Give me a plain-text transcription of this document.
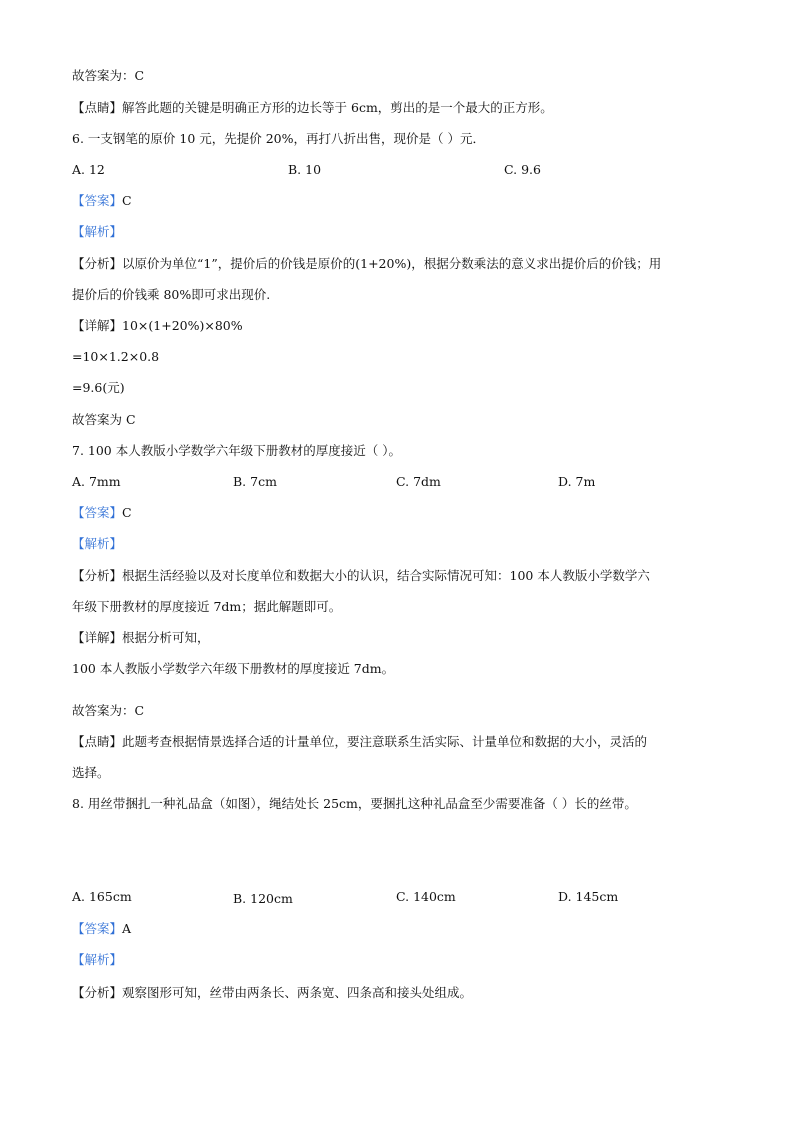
故答案为：C
【点睛】解答此题的关键是明确正方形的边长等于 6cm，剪出的是一个最大的正方形。
6. 一支钢笔的原价 10 元，先提价 20%，再打八折出售，现价是（ ）元．
A. 12	B. 10	C. 9.6
【答案】C
【解析】
【分析】以原价为单位“1”，提价后的价钱是原价的(1+20%)，根据分数乘法的意义求出提价后的价钱；用
提价后的价钱乘 80%即可求出现价.
【详解】10×(1+20%)×80%
=10×1.2×0.8
=9.6(元)
故答案为 C
7. 100 本人教版小学数学六年级下册教材的厚度接近（ ）。
A. 7mm	B. 7cm	C. 7dm	D. 7m
【答案】C
【解析】
【分析】根据生活经验以及对长度单位和数据大小的认识，结合实际情况可知：100 本人教版小学数学六
年级下册教材的厚度接近 7dm；据此解题即可。
【详解】根据分析可知，
100 本人教版小学数学六年级下册教材的厚度接近 7dm。
故答案为：C
【点睛】此题考查根据情景选择合适的计量单位，要注意联系生活实际、计量单位和数据的大小，灵活的
选择。
8. 用丝带捆扎一种礼品盒（如图），绳结处长 25cm，要捆扎这种礼品盒至少需要准备（ ）长的丝带。
A. 165cm	B. 120cm	C. 140cm	D. 145cm
【答案】A
【解析】
【分析】观察图形可知，丝带由两条长、两条宽、四条高和接头处组成。
